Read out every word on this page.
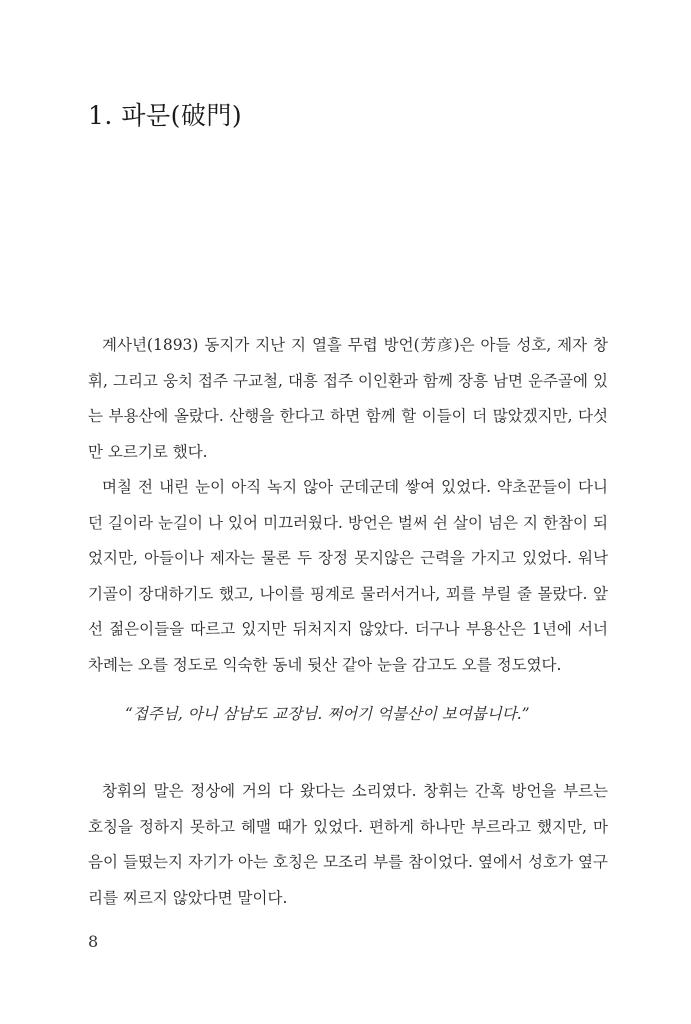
1. 파문(破門)

계사년(1893) 동지가 지난 지 열흘 무렵 방언(芳彦)은 아들 성호, 제자 창휘, 그리고 웅치 접주 구교철, 대흥 접주 이인환과 함께 장흥 남면 운주골에 있는 부용산에 올랐다. 산행을 한다고 하면 함께 할 이들이 더 많았겠지만, 다섯만 오르기로 했다.

며칠 전 내린 눈이 아직 녹지 않아 군데군데 쌓여 있었다. 약초꾼들이 다니던 길이라 눈길이 나 있어 미끄러웠다. 방언은 벌써 쉰 살이 넘은 지 한참이 되었지만, 아들이나 제자는 물론 두 장정 못지않은 근력을 가지고 있었다. 워낙 기골이 장대하기도 했고, 나이를 핑계로 물러서거나, 꾀를 부릴 줄 몰랐다. 앞선 젊은이들을 따르고 있지만 뒤처지지 않았다. 더구나 부용산은 1년에 서너 차례는 오를 정도로 익숙한 동네 뒷산 같아 눈을 감고도 오를 정도였다.

“접주님, 아니 삼남도 교장님. 쩌어기 억불산이 보여붑니다.”

창휘의 말은 정상에 거의 다 왔다는 소리였다. 창휘는 간혹 방언을 부르는 호칭을 정하지 못하고 헤맬 때가 있었다. 편하게 하나만 부르라고 했지만, 마음이 들떴는지 자기가 아는 호칭은 모조리 부를 참이었다. 옆에서 성호가 옆구리를 찌르지 않았다면 말이다.

8
